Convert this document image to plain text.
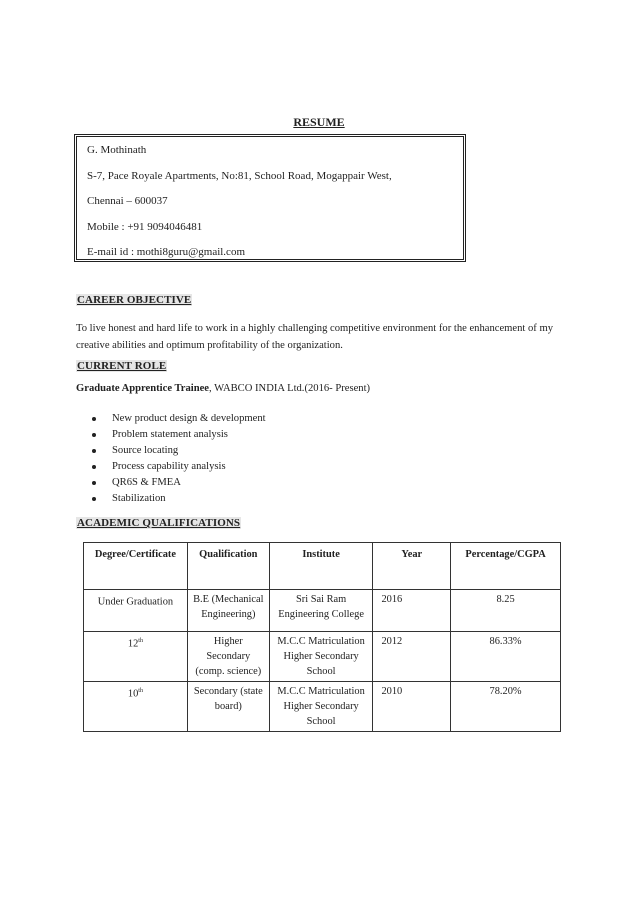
RESUME
G. Mothinath
S-7, Pace Royale Apartments, No:81, School Road, Mogappair West,
Chennai – 600037
Mobile : +91 9094046481
E-mail id : mothi8guru@gmail.com
CAREER OBJECTIVE
To live honest and hard life to work in a highly challenging competitive environment for the enhancement of my creative abilities and optimum profitability of the organization.
CURRENT ROLE
Graduate Apprentice Trainee, WABCO INDIA Ltd.(2016- Present)
New product design & development
Problem statement analysis
Source locating
Process capability analysis
QR6S & FMEA
Stabilization
ACADEMIC QUALIFICATIONS
Degree/Certificate	Qualification	Institute	Year	Percentage/CGPA
Under Graduation	B.E (Mechanical Engineering)	Sri Sai Ram Engineering College	2016	8.25
12th	Higher Secondary (comp. science)	M.C.C Matriculation Higher Secondary School	2012	86.33%
10th	Secondary (state board)	M.C.C Matriculation Higher Secondary School	2010	78.20%
